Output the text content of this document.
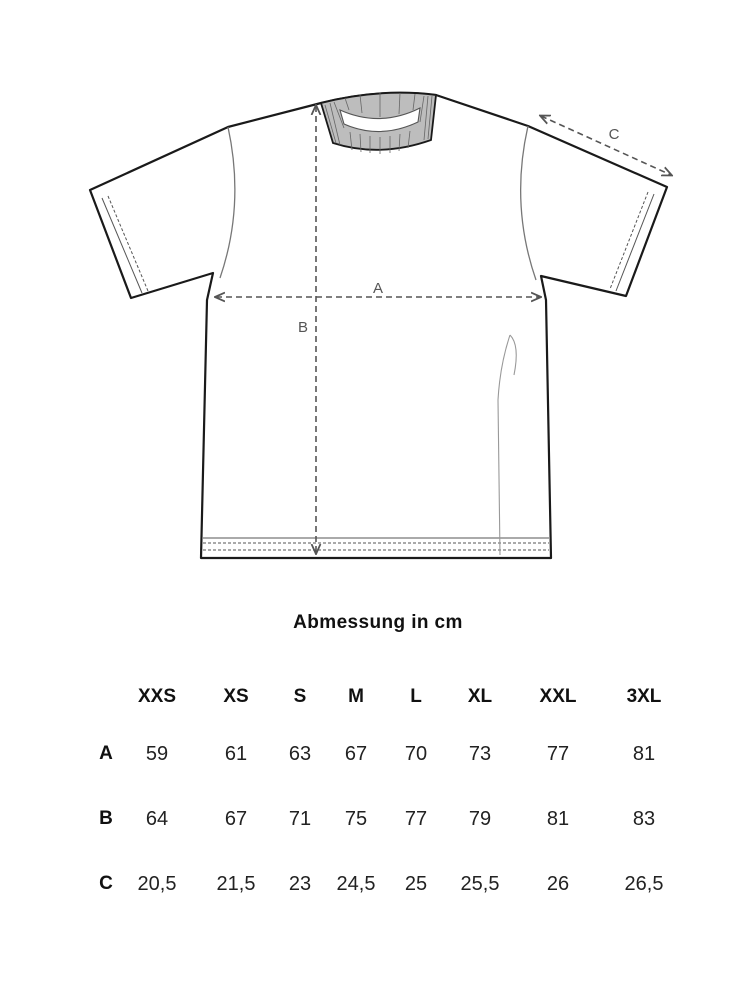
A
B
C
Abmessung in cm
XXS XS S M L XL XXL	3XL
A 59	61 63 67 70 73	77	81
B 64	67 71 75 77 79	81	83
C 20,5 21,5 23 24,5 25 25,5 26	26,5
